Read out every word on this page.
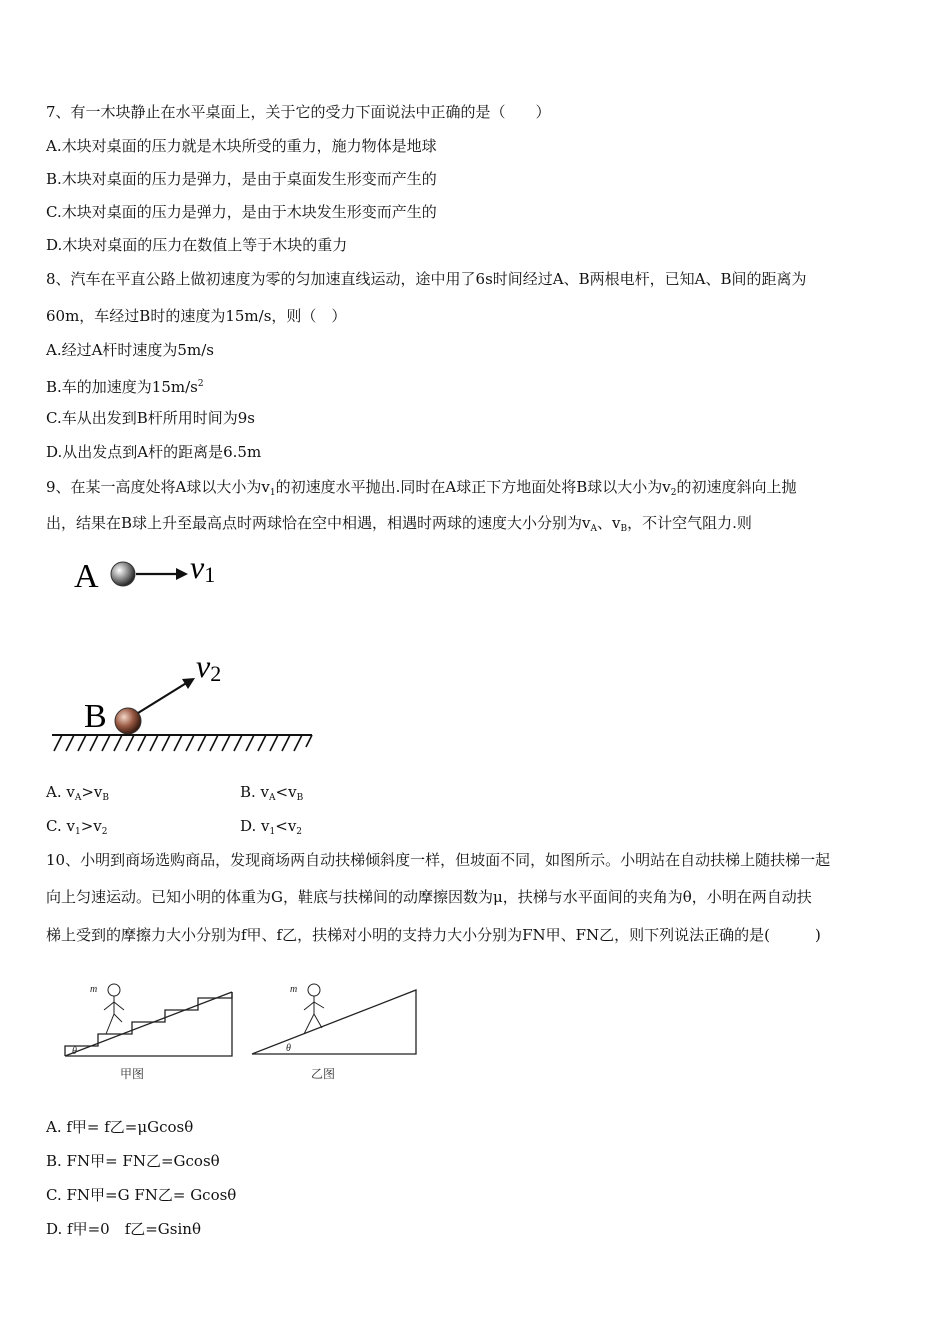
7、有一木块静止在水平桌面上，关于它的受力下面说法中正确的是（　　）
A.木块对桌面的压力就是木块所受的重力，施力物体是地球
B.木块对桌面的压力是弹力，是由于桌面发生形变而产生的
C.木块对桌面的压力是弹力，是由于木块发生形变而产生的
D.木块对桌面的压力在数值上等于木块的重力
8、汽车在平直公路上做初速度为零的匀加速直线运动，途中用了6s时间经过A、B两根电杆，已知A、B间的距离为
60m，车经过B时的速度为15m/s，则（　）
A.经过A杆时速度为5m/s
B.车的加速度为$15m/s^2$
C.车从出发到B杆所用时间为9s
D.从出发点到A杆的距离是6.5m
9、在某一高度处将A球以大小为$v_1$的初速度水平抛出.同时在A球正下方地面处将B球以大小为$v_2$的初速度斜向上抛
出，结果在B球上升至最高点时两球恰在空中相遇，相遇时两球的速度大小分别为$v_A$、$v_B$，不计空气阻力.则
A	v1
B
v2
A. $v_A>v_B$	B. $v_A<v_B$
C. $v_1>v_2$	D. $v_1<v_2$
10、小明到商场选购商品，发现商场两自动扶梯倾斜度一样，但坡面不同，如图所示。小明站在自动扶梯上随扶梯一起
向上匀速运动。已知小明的体重为G，鞋底与扶梯间的动摩擦因数为μ，扶梯与水平面间的夹角为θ，小明在两自动扶
梯上受到的摩擦力大小分别为f甲、f乙，扶梯对小明的支持力大小分别为FN甲、FN乙，则下列说法正确的是(　　　)
θ
m
甲图
θ
m
乙图
A. f甲= f乙=μGcosθ
B. FN甲= FN乙=Gcosθ
C. FN甲=G FN乙= Gcosθ
D. f甲=0　f乙=Gsinθ
